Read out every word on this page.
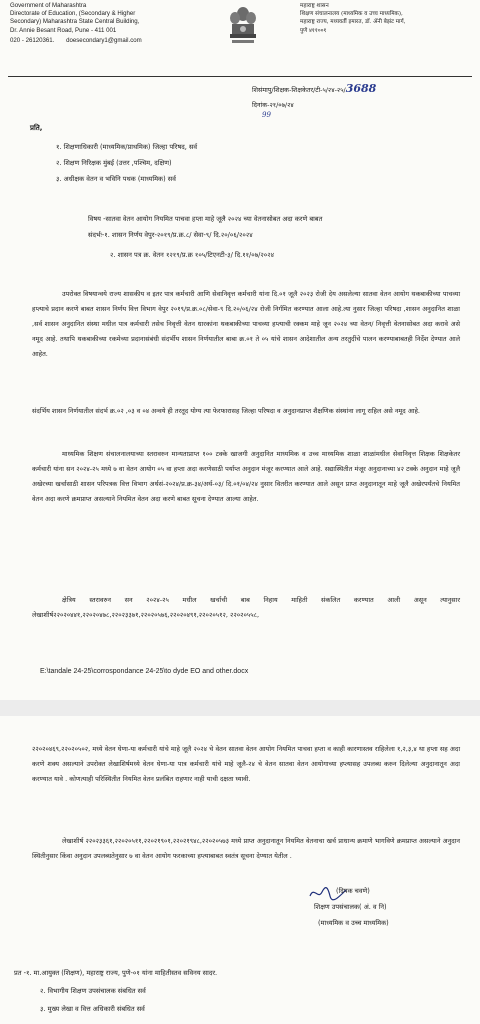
Government of Maharashtra
Directorate of Education, (Secondary & Higher
Secondary) Maharashtra State Central Building,
Dr. Annie Besant Road, Pune - 411 001
020 - 26120361. doesecondary1@gmail.com
महाराष्ट्र शासन
शिक्षण संचालनालय (माध्यमिक व उच्च माध्यमिक),
महाराष्ट्र राज्य, मध्यवर्ती इमारत, डॉ. ॲनी बेझंट मार्ग,
पुणे ४११००१
शिसंमापु/शिक्षक-शिक्षकेतर/टी-५/२४-२५/3688
दिनांक-२१/०७/२४
99
प्रति,
१. शिक्षणाधिकारी (माध्यमिक/प्राथमिक) जिल्हा परिषद, सर्व
२. शिक्षण निरिक्षक मुंबई (उत्तर ,पश्चिम, दक्षिण)
३. अधीक्षक वेतन व भविनि पथक (माध्यमिक) सर्व
विषय -सातवा वेतन आयोग नियमित पाचवा हप्ता माहे जूलै २०२४ च्या वेतनासोबत अदा करणे बाबत
संदर्भः-१. शासन निर्णय वेपुर-२०१९/प्र.क्र.८/ सेवा-९/ दि.२०/०६/२०२४
२. शासन पत्र क्र. वेतन १२१९/प्र.क्र १०५/टिएनटी-३/ दि.११/०७/२०२४
उपरोक्त विषयान्वये राज्य शासकीय व इतर पात्र कर्मचारी आणि सेवानिवृत्त कर्मचारी यांना दि.०१ जूलै २०२३ रोजी देय असलेल्या सातवा वेतन आयोग थकबाकीच्या पाचव्या हप्त्याचे प्रदान करणे बाबत शासन निर्णय वित्त विभाग वेपुर २०१९/प्र.क्र.०८/सेवा-९ दि.२०/०६/२४ रोजी निर्गमित करण्यात आला आहे.त्या नुसार जिल्हा परिषदा ,शासन अनुदानित शाळा ,सर्व शासन अनुदानित संस्था मधील पात्र कर्मचारी तसेच निवृत्ती वेतन धारकांना थकबाकीच्या पाचव्या हप्त्याची रक्कम माहे जून २०२४ च्या वेतन/ निवृत्ती वेतनासोबत अदा करावे असे नमूद आहे. तथापि थकबाकीच्या रकमेच्या प्रदानासंबंधी संदर्भीय शासन निर्णयातील बाबा क्र.०१ ते ०५ यांचे शासन आदेशातील अन्य तरतुदींचे पालन करण्याबाबतही निर्देश देण्यात आले आहेत.
संदर्भिय शासन निर्णयातील संदर्भ क्र.०२ ,०३ व ०४ अन्वये ही तरतूद योग्य त्या फेरफारासह जिल्हा परिषदा व अनुदानप्राप्त शैक्षणिक संस्थांना लागू राहिल असे नमूद आहे.
माध्यमिक शिक्षण संचालनालयाच्या स्तरावरुन मान्यताप्राप्त १०० टक्के खाजगी अनुदानित माध्यमिक व उच्च माध्यमिक शाळा शाळांमधील सेवानिवृत्त शिक्षक शिक्षकेतर कर्मचारी यांना सन २०२४-२५ मध्ये ७ वा वेतन आयोग ०५ वा हप्ता अदा करणेसाठी पर्याप्त अनुदान मंजूर करण्यात आले आहे. सद्यास्थितीत मंजूर अनुदानाच्या ४२ टक्के अनुदान माहे जूलै अखेरच्या खर्चासाठी शासन परिपत्रक वित्त विभाग अर्थसं-२०२४/प्र.क्र-३४/अर्थ-०३/ दि.०१/०४/२४ नुसार वितरीत करण्यात आले असून प्राप्त अनुदानातून माहे जूलै अखेरपर्यंतचे नियमित वेतन अदा करणे क्रमप्राप्त असल्याने नियमित वेतन अदा करणे बाबत सूचना देण्यात आल्या आहेत.
क्षेत्रिय स्तरावरुन सन २०२४-२५ मधील खर्चाची बाब निहाय माहिती संकलित करण्यात आली असून त्यानुसार लेखाशीर्ष२२०२०४४१,२२०२०४७८,२२०२३३७१,२२०२०५७६,२२०२०४९१,२२०२०५१२, २२०२०५५८,
E:\tandale 24-25\corrospondance 24-25\to dyde EO and other.docx
२२०२०४६९,२२०२०५०२, मध्ये वेतन घेणा-या कर्मचारी यांचे माहे जूलै २०२४ चे वेतन सातवा वेतन आयोग नियमित पाचवा हप्ता व काही कारणास्तव राहिलेला १,२,३,४ था हप्ता सह अदा करणे शक्य असल्याने उपरोक्त लेखाशिर्षमध्ये वेतन घेणा-या पात्र कर्मचारी यांचे माहे जूलै-२४ चे वेतन सातवा वेतन आयोगाच्या हप्त्यासह उपलब्ध करुन दिलेल्या अनुदानातून अदा करण्यात यावे . कोणत्याही परिस्थितीत नियमित वेतन प्रलंबित राहणार नाही याची दक्षता घ्यावी.
लेखाशीर्ष २२०२३३६१,२२०२०५११,२२०२१९०१,२२०२१९४८,२२०२०५७३ मध्ये प्राप्त अनुदानातून नियमित वेतनाचा खर्च प्राधान्य क्रमाणे भागविणे क्रमप्राप्त असल्याने अनुदान स्थितीनुसार किंवा अनुदान उपलब्धतेनुसार ७ वा वेतन आयोग फरकाच्या हप्त्याबाबत स्वतंत्र सूचना देण्यात येतील .
(दिपक चवणे)
शिक्षण उपसंचालक( अं. व नि)
(माध्यमिक व उच्च माध्यमिक)
प्रत -१. मा.आयुक्त (शिक्षण), महाराष्ट्र राज्य, पुणे-०१ यांना माहितीस्तव सविनय सादर.
२. विभागीय शिक्षण उपसंचालक संबधित सर्व
३. मुख्य लेखा व वित्त अधिकारी संबधित सर्व
